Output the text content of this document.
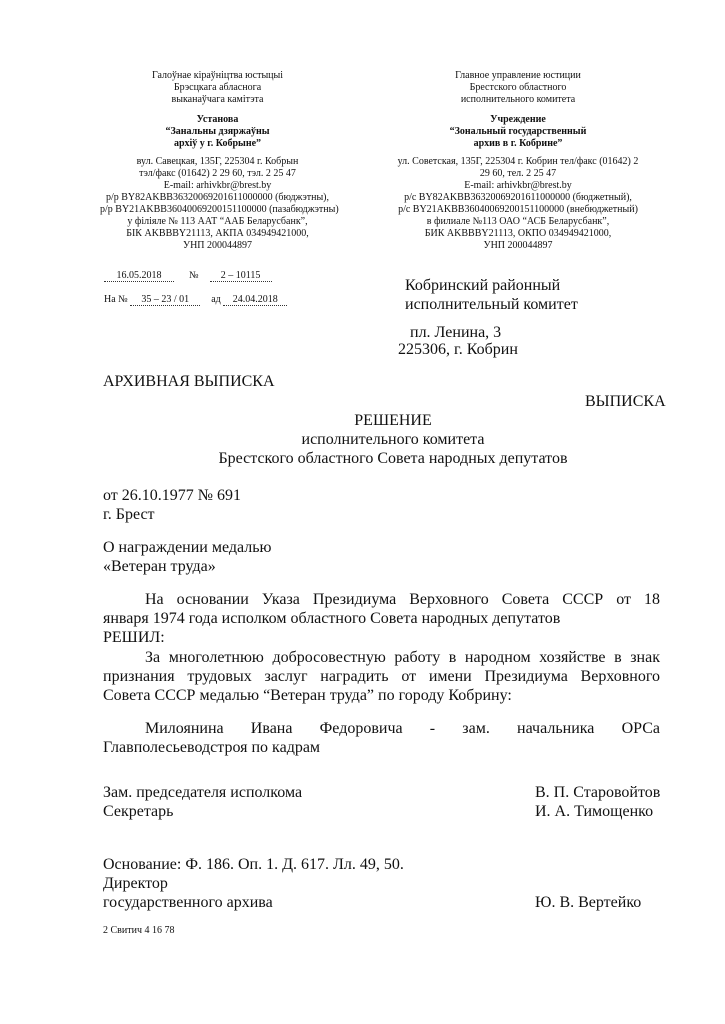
Галоўнае кіраўніцтва юстыцыі
Брэсцкага абласнога
выканаўчага камітэта
Установа
“Занальны дзяржаўны
архіў у г. Кобрыне”
вул. Савецкая, 135Г, 225304 г. Кобрын
тэл/факс (01642) 2 29 60, тэл. 2 25 47
E-mail: arhivkbr@brest.by
р/р BY82AKBB36320069201611000000 (бюджэтны),
р/р BY21AKBB36040069200151100000 (пазабюджэтны)
у філіяле № 113 ААТ “ААБ Беларусбанк”,
БІК AKBBBY21113, АКПА 034949421000,
УНП 200044897
Главное управление юстиции
Брестского областного
исполнительного комитета
Учреждение
“Зональный государственный
архив в г. Кобрине”
ул. Советская, 135Г, 225304 г. Кобрин тел/факс (01642) 2
29 60, тел. 2 25 47
E-mail: arhivkbr@brest.by
р/с BY82AKBB36320069201611000000 (бюджетный),
р/с BY21AKBB36040069200151100000 (внебюджетный)
в филиале №113 ОАО “АСБ Беларусбанк”,
БИК AKBBBY21113, ОКПО 034949421000,
УНП 200044897
16.05.2018	№ 2 – 10115
На № 35 – 23 / 01 ад 24.04.2018
Кобринский районный
исполнительный комитет
пл. Ленина, 3
225306, г. Кобрин
АРХИВНАЯ ВЫПИСКА
ВЫПИСКА
РЕШЕНИЕ
исполнительного комитета
Брестского областного Совета народных депутатов
от 26.10.1977 № 691
г. Брест
О награждении медалью
«Ветеран труда»
На основании Указа Президиума Верховного Совета СССР от 18
января 1974 года исполком областного Совета народных депутатов
РЕШИЛ:
За многолетнюю добросовестную работу в народном хозяйстве в знак
признания трудовых заслуг наградить от имени Президиума Верховного
Совета СССР медалью “Ветеран труда” по городу Кобрину:
Милоянина Ивана Федоровича - зам. начальника ОРСа
Главполесьеводстроя по кадрам
Зам. председателя исполкома	В. П. Старовойтов
Секретарь	И. А. Тимощенко
Основание: Ф. 186. Оп. 1. Д. 617. Лл. 49, 50.
Директор
государственного архива	Ю. В. Вертейко
2 Свитич 4 16 78
